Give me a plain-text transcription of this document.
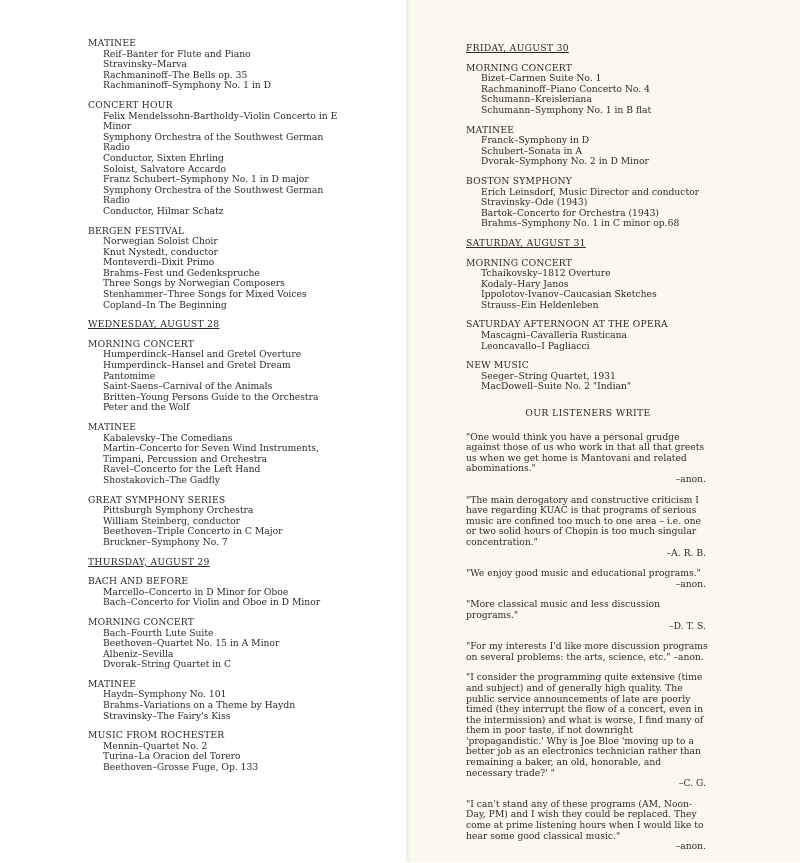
MATINEE
Reif–Banter for Flute and Piano
Stravinsky–Marva
Rachmaninoff–The Bells op. 35
Rachmaninoff–Symphony No. 1 in D
CONCERT HOUR
Felix Mendelssohn-Bartholdy–Violin Concerto in E Minor
Symphony Orchestra of the Southwest German Radio
Conductor, Sixten Ehrling
Soloist, Salvatore Accardo
Franz Schubert–Symphony No. 1 in D major
Symphony Orchestra of the Southwest German Radio
Conductor, Hilmar Schatz
BERGEN FESTIVAL
Norwegian Soloist Choir
Knut Nystedt, conductor
Monteverdi–Dixit Primo
Brahms–Fest und Gedenkspruche
Three Songs by Norwegian Composers
Stenhammer–Three Songs for Mixed Voices
Copland–In The Beginning
WEDNESDAY, AUGUST 28
MORNING CONCERT
Humperdinck–Hansel and Gretel Overture
Humperdinck–Hansel and Gretel Dream Pantomime
Saint-Saens–Carnival of the Animals
Britten–Young Persons Guide to the Orchestra
Peter and the Wolf
MATINEE
Kabalevsky–The Comedians
Martin–Concerto for Seven Wind Instruments, Timpani, Percussion and Orchestra
Ravel–Concerto for the Left Hand
Shostakovich–The Gadfly
GREAT SYMPHONY SERIES
Pittsburgh Symphony Orchestra
William Steinberg, conductor
Beethoven–Triple Concerto in C Major
Bruckner–Symphony No. 7
THURSDAY, AUGUST 29
BACH AND BEFORE
Marcello–Concerto in D Minor for Oboe
Bach–Concerto for Violin and Oboe in D Minor
MORNING CONCERT
Bach–Fourth Lute Suite
Beethoven–Quartet No. 15 in A Minor
Albeniz–Sevilla
Dvorak–String Quartet in C
MATINEE
Haydn–Symphony No. 101
Brahms–Variations on a Theme by Haydn
Stravinsky–The Fairy's Kiss
MUSIC FROM ROCHESTER
Mennin–Quartet No. 2
Turina–La Oracion del Torero
Beethoven–Grosse Fuge, Op. 133
FRIDAY, AUGUST 30
MORNING CONCERT
Bizet–Carmen Suite No. 1
Rachmaninoff–Piano Concerto No. 4
Schumann–Kreisleriana
Schumann–Symphony No. 1 in B flat
MATINEE
Franck–Symphony in D
Schubert–Sonata in A
Dvorak–Symphony No. 2 in D Minor
BOSTON SYMPHONY
Erich Leinsdorf, Music Director and conductor
Stravinsky–Ode (1943)
Bartok–Concerto for Orchestra (1943)
Brahms–Symphony No. 1 in C minor op.68
SATURDAY, AUGUST 31
MORNING CONCERT
Tchaikovsky–1812 Overture
Kodaly–Hary Janos
Ippolotov-Ivanov–Caucasian Sketches
Strauss–Ein Heldenleben
SATURDAY AFTERNOON AT THE OPERA
Mascagni–Cavalleria Rusticana
Leoncavallo–I Pagliacci
NEW MUSIC
Seeger–String Quartet, 1931
MacDowell–Suite No. 2 "Indian"
OUR LISTENERS WRITE
"One would think you have a personal grudge against those of us who work in that all that greets us when we get home is Mantovani and related abominations."
–anon.
"The main derogatory and constructive criticism I have regarding KUAC is that programs of serious music are confined too much to one area – i.e. one or two solid hours of Chopin is too much singular concentration."
–A. R. B.
"We enjoy good music and educational programs."
–anon.
"More classical music and less discussion programs."
–D. T. S.
"For my interests I'd like more discussion programs on several problems: the arts, science, etc." –anon.
"I consider the programming quite extensive (time and subject) and of generally high quality. The public service announcements of late are poorly timed (they interrupt the flow of a concert, even in the intermission) and what is worse, I find many of them in poor taste, if not downright 'propagandistic.' Why is Joe Bloe 'moving up to a better job as an electronics technician rather than remaining a baker, an old, honorable, and necessary trade?' "
–C. G.
"I can't stand any of these programs (AM, Noon-Day, PM) and I wish they could be replaced. They come at prime listening hours when I would like to hear some good classical music."
–anon.
